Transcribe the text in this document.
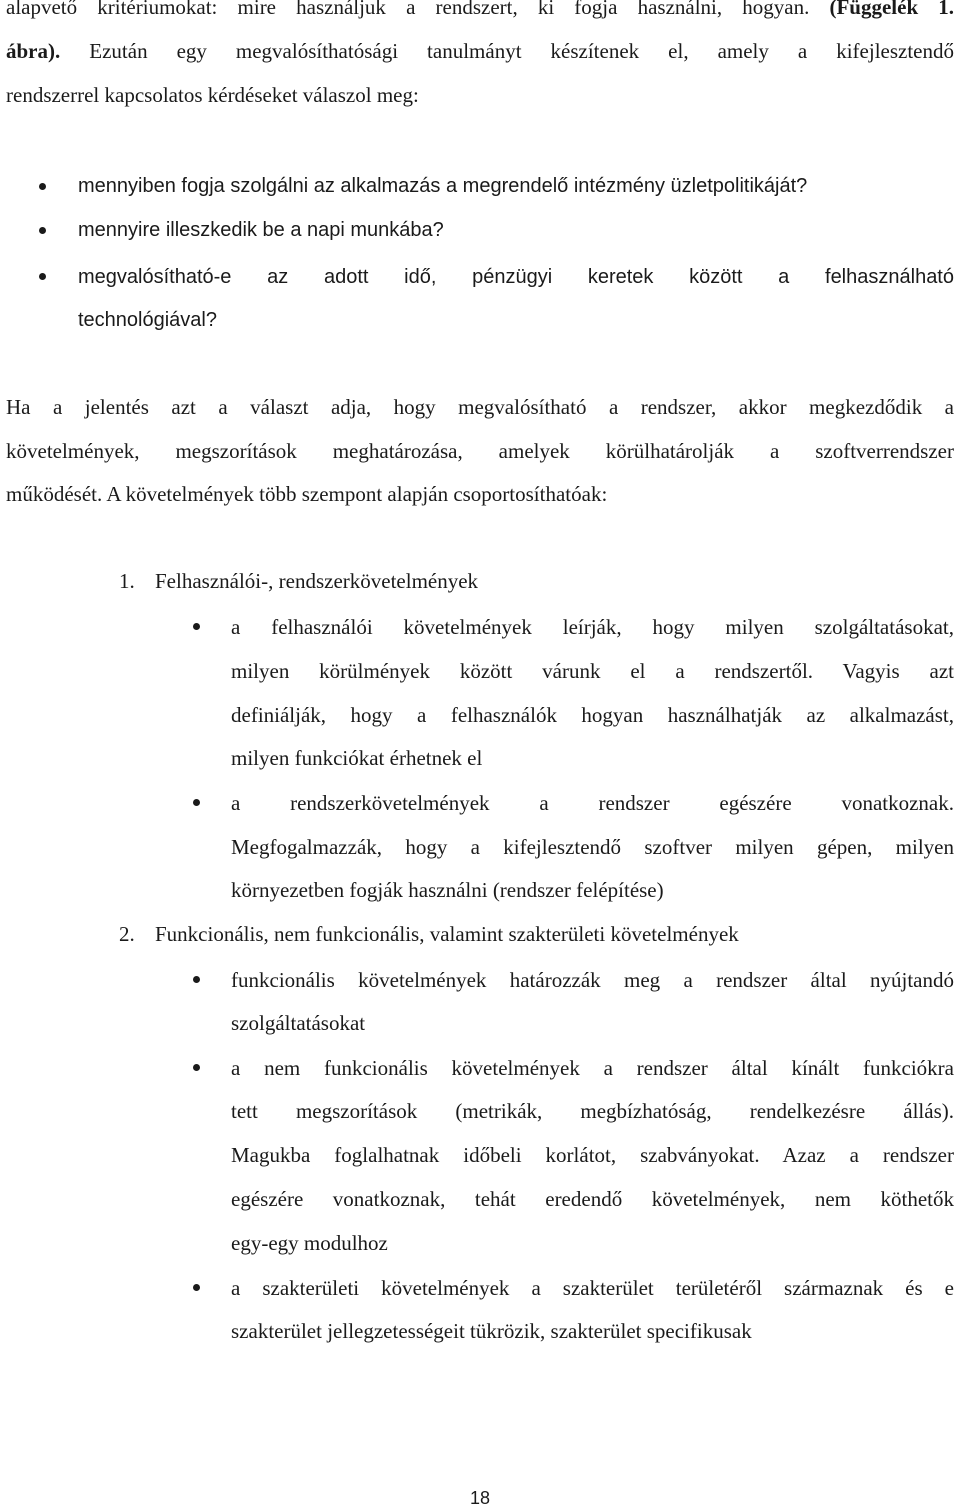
alapvető kritériumokat: mire használjuk a rendszert, ki fogja használni, hogyan. (Függelék 1.
ábra). Ezután egy megvalósíthatósági tanulmányt készítenek el, amely a kifejlesztendő
rendszerrel kapcsolatos kérdéseket válaszol meg:
mennyiben fogja szolgálni az alkalmazás a megrendelő intézmény üzletpolitikáját?
mennyire illeszkedik be a napi munkába?
megvalósítható-e az adott idő, pénzügyi keretek között a felhasználható
technológiával?
Ha a jelentés azt a választ adja, hogy megvalósítható a rendszer, akkor megkezdődik a
követelmények, megszorítások meghatározása, amelyek körülhatárolják a szoftverrendszer
működését. A követelmények több szempont alapján csoportosíthatóak:
1. Felhasználói-, rendszerkövetelmények
a felhasználói követelmények leírják, hogy milyen szolgáltatásokat,
milyen körülmények között várunk el a rendszertől. Vagyis azt
definiálják, hogy a felhasználók hogyan használhatják az alkalmazást,
milyen funkciókat érhetnek el
a rendszerkövetelmények a rendszer egészére vonatkoznak.
Megfogalmazzák, hogy a kifejlesztendő szoftver milyen gépen, milyen
környezetben fogják használni (rendszer felépítése)
2. Funkcionális, nem funkcionális, valamint szakterületi követelmények
funkcionális követelmények határozzák meg a rendszer által nyújtandó
szolgáltatásokat
a nem funkcionális követelmények a rendszer által kínált funkciókra
tett megszorítások (metrikák, megbízhatóság, rendelkezésre állás).
Magukba foglalhatnak időbeli korlátot, szabványokat. Azaz a rendszer
egészére vonatkoznak, tehát eredendő követelmények, nem köthetők
egy-egy modulhoz
a szakterületi követelmények a szakterület területéről származnak és e
szakterület jellegzetességeit tükrözik, szakterület specifikusak
18
